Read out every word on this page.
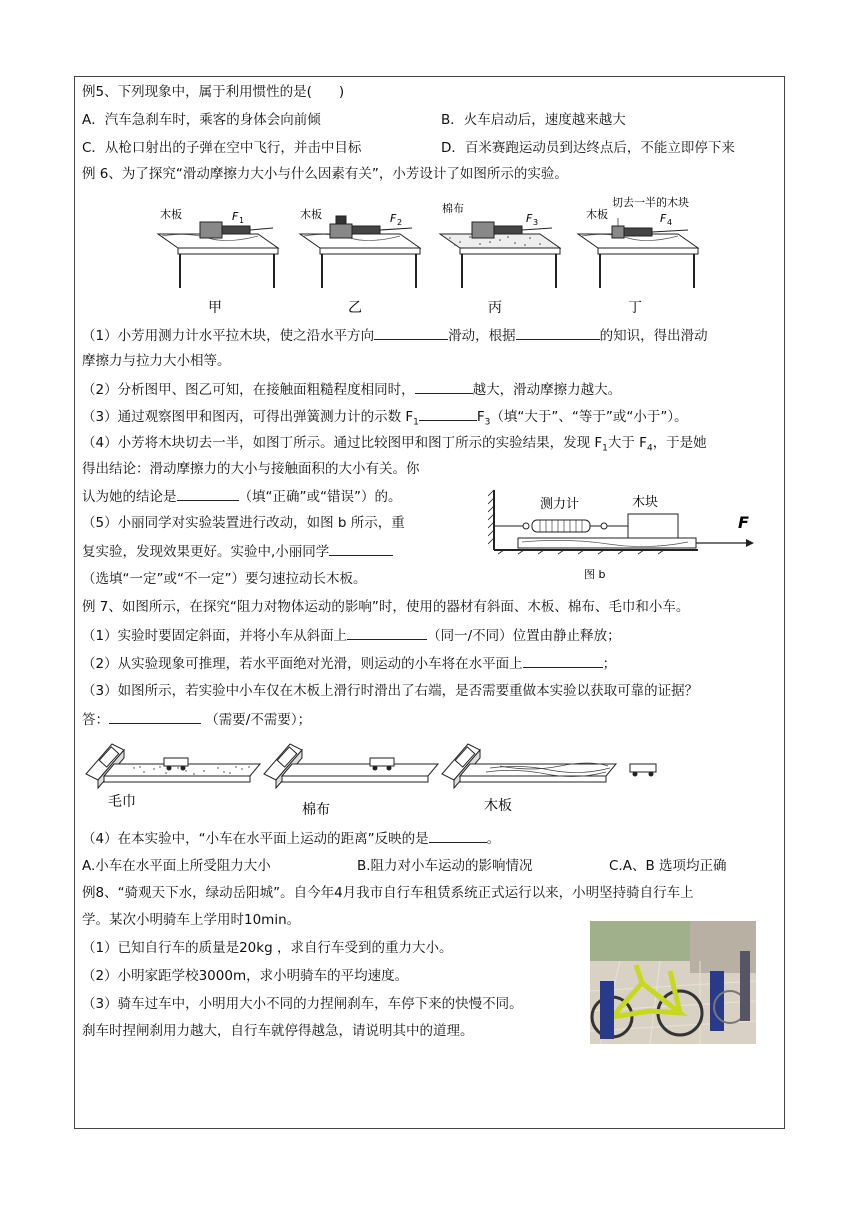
例5、下列现象中，属于利用惯性的是(　　)
A．汽车急刹车时，乘客的身体会向前倾	B．火车启动后，速度越来越大
C．从枪口射出的子弹在空中飞行，并击中目标	D．百米赛跑运动员到达终点后，不能立即停下来
例 6、为了探究“滑动摩擦力大小与什么因素有关”，小芳设计了如图所示的实验。
木板	F 1
甲
木板	F 2
乙
棉布
F 3
丙
木板
切去一半的木块
F 4
丁
（1）小芳用测力计水平拉木块，使之沿水平方向	滑动，根据	的知识，得出滑动
摩擦力与拉力大小相等。
（2）分析图甲、图乙可知，在接触面粗糙程度相同时，	越大，滑动摩擦力越大。
（3）通过观察图甲和图丙，可得出弹簧测力计的示数 $F_1$	$F_3$（填“大于”、“等于”或“小于”）。
（4）小芳将木块切去一半，如图丁所示。通过比较图甲和图丁所示的实验结果，发现 $F_1$大于 $F_4$，于是她
得出结论：滑动摩擦力的大小与接触面积的大小有关。你
认为她的结论是	（填“正确”或“错误”）的。
（5）小丽同学对实验装置进行改动，如图 b 所示，重
复实验，发现效果更好。实验中,小丽同学
（选填“一定”或“不一定”）要匀速拉动长木板。
测力计	木块
F
图 b
例 7、如图所示，在探究“阻力对物体运动的影响”时，使用的器材有斜面、木板、棉布、毛巾和小车。
（1）实验时要固定斜面，并将小车从斜面上	（同一/不同）位置由静止释放；
（2）从实验现象可推理，若水平面绝对光滑，则运动的小车将在水平面上	；
（3）如图所示，若实验中小车仅在木板上滑行时滑出了右端，是否需要重做本实验以获取可靠的证据？
答：	（需要/不需要）；
毛巾	棉布	木板
（4）在本实验中，“小车在水平面上运动的距离”反映的是	。
A.小车在水平面上所受阻力大小	B.阻力对小车运动的影响情况	C.A、B 选项均正确
例8、“骑观天下水，绿动岳阳城”。自今年4月我市自行车租赁系统正式运行以来，小明坚持骑自行车上
学。某次小明骑车上学用时10min。
（1）已知自行车的质量是20kg ，求自行车受到的重力大小。
（2）小明家距学校3000m，求小明骑车的平均速度。
（3）骑车过车中，小明用大小不同的力捏闸刹车，车停下来的快慢不同。
刹车时捏闸刹用力越大，自行车就停得越急，请说明其中的道理。
